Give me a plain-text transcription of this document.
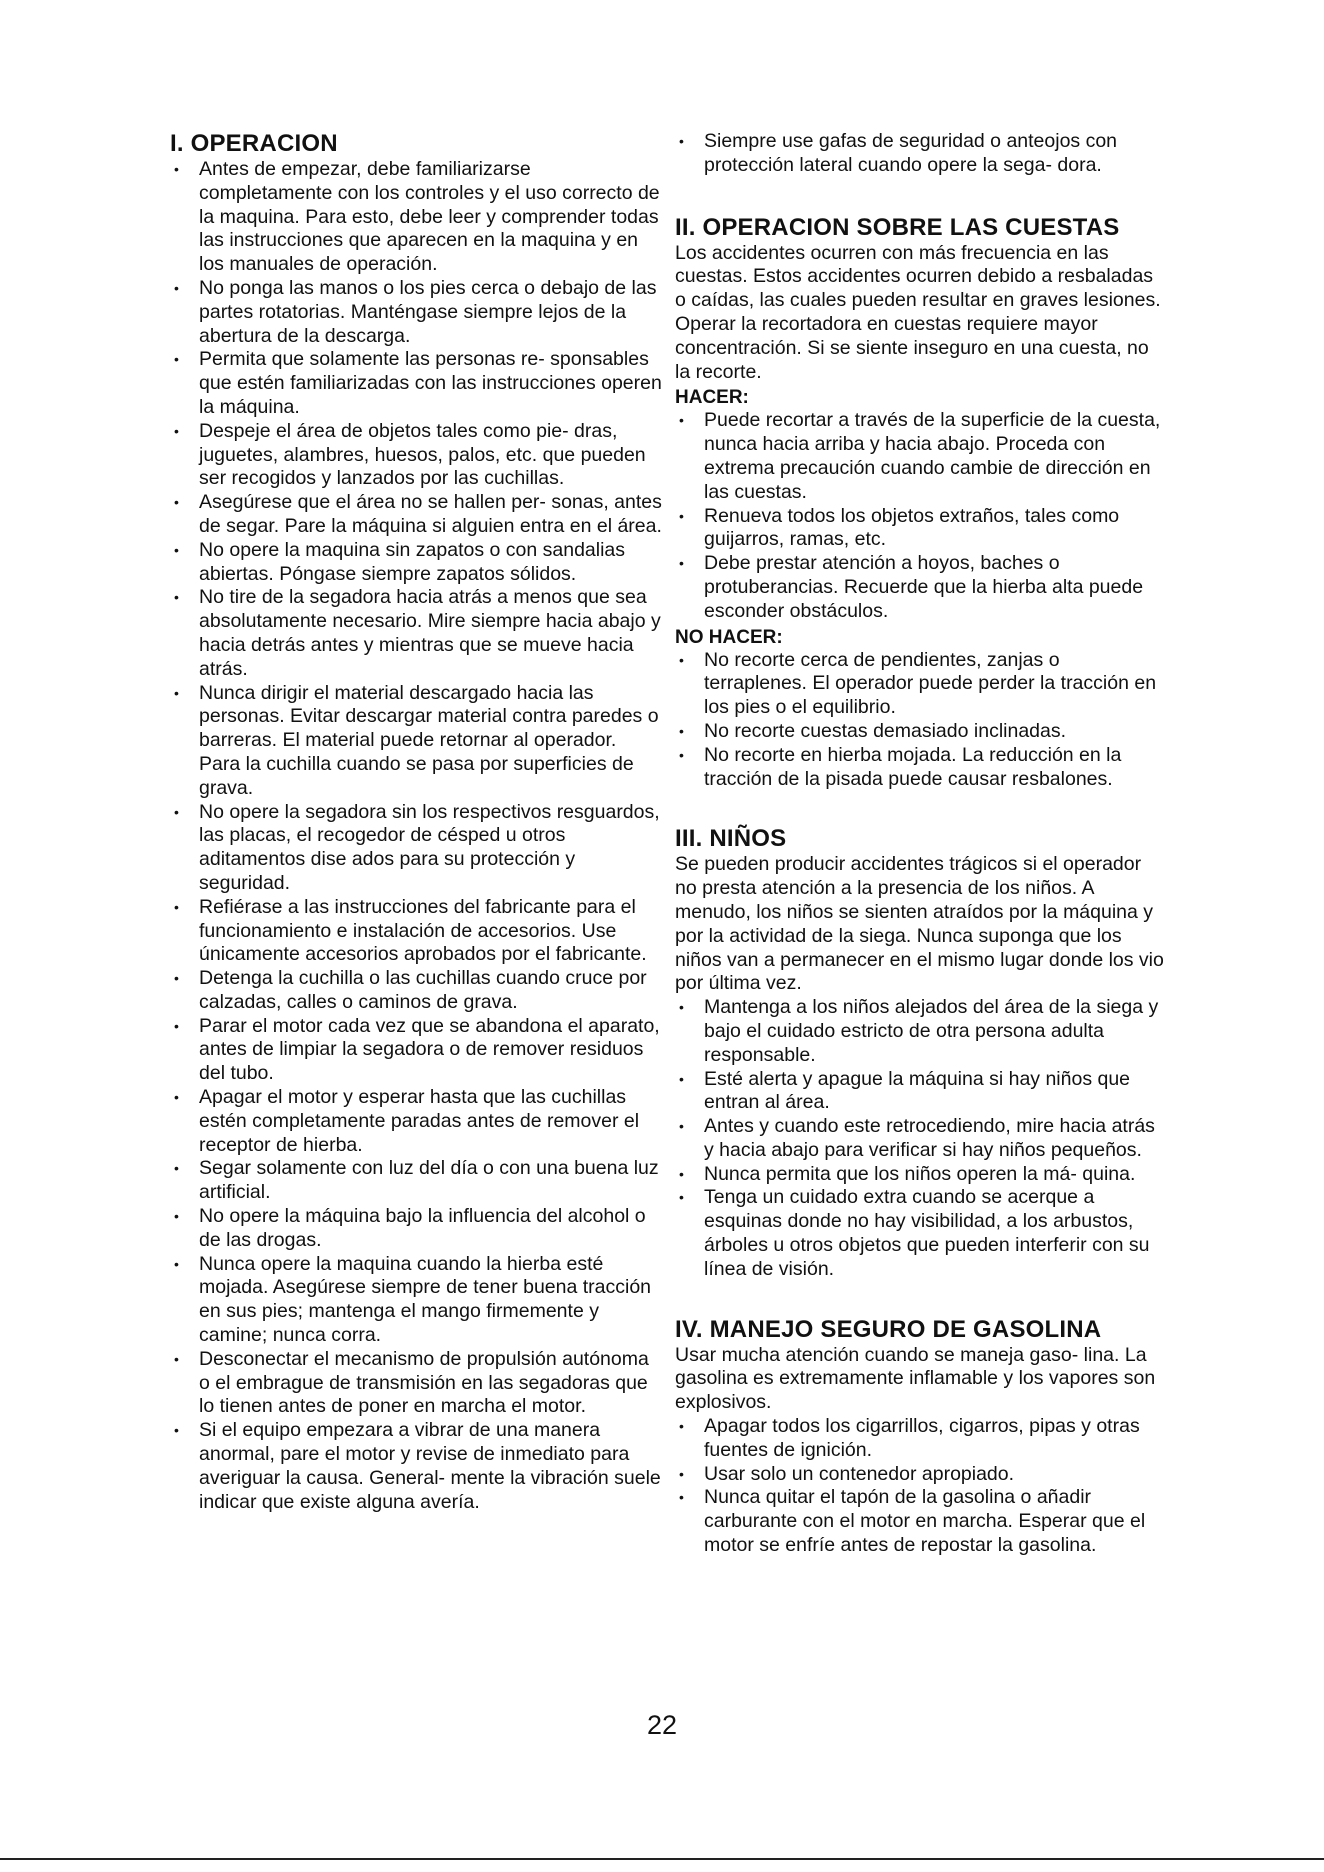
I. OPERACION
• Antes de empezar, debe familiarizarse completamente con los controles y el uso correcto de la maquina. Para esto, debe leer y comprender todas las instrucciones que aparecen en la maquina y en los manuales de operación.
• No ponga las manos o los pies cerca o debajo de las partes rotatorias. Manténgase siempre lejos de la abertura de la descarga.
• Permita que solamente las personas re- sponsables que estén familiarizadas con las instrucciones operen la máquina.
• Despeje el área de objetos tales como pie- dras, juguetes, alambres, huesos, palos, etc. que pueden ser recogidos y lanzados por las cuchillas.
• Asegúrese que el área no se hallen per- sonas, antes de segar. Pare la máquina si alguien entra en el área.
• No opere la maquina sin zapatos o con sandalias abiertas. Póngase siempre zapatos sólidos.
• No tire de la segadora hacia atrás a menos que sea absolutamente necesario. Mire siempre hacia abajo y hacia detrás antes y mientras que se mueve hacia atrás.
• Nunca dirigir el material descargado hacia las personas. Evitar descargar material contra paredes o barreras. El material puede retornar al operador. Para la cuchilla cuando se pasa por superficies de grava.
• No opere la segadora sin los respectivos resguardos, las placas, el recogedor de césped u otros aditamentos dise ados para su protección y seguridad.
• Refiérase a las instrucciones del fabricante para el funcionamiento e instalación de accesorios. Use únicamente accesorios aprobados por el fabricante.
• Detenga la cuchilla o las cuchillas cuando cruce por calzadas, calles o caminos de grava.
• Parar el motor cada vez que se abandona el aparato, antes de limpiar la segadora o de remover residuos del tubo.
• Apagar el motor y esperar hasta que las cuchillas estén completamente paradas antes de remover el receptor de hierba.
• Segar solamente con luz del día o con una buena luz artificial.
• No opere la máquina bajo la influencia del alcohol o de las drogas.
• Nunca opere la maquina cuando la hierba esté mojada. Asegúrese siempre de tener buena tracción en sus pies; mantenga el mango firmemente y camine; nunca corra.
• Desconectar el mecanismo de propulsión autónoma o el embrague de transmisión en las segadoras que lo tienen antes de poner en marcha el motor.
• Si el equipo empezara a vibrar de una manera anormal, pare el motor y revise de inmediato para averiguar la causa. General- mente la vibración suele indicar que existe alguna avería.
• Siempre use gafas de seguridad o anteojos con protección lateral cuando opere la sega- dora.
II. OPERACION SOBRE LAS CUESTAS

Los accidentes ocurren con más frecuencia en las cuestas. Estos accidentes ocurren debido a resbaladas o caídas, las cuales pueden resultar en graves lesiones. Operar la recortadora en cuestas requiere mayor concentración. Si se siente inseguro en una cuesta, no la recorte.

HACER:
• Puede recortar a través de la superficie de la cuesta, nunca hacia arriba y hacia abajo. Proceda con extrema precaución cuando cambie de dirección en las cuestas.
• Renueva todos los objetos extraños, tales como guijarros, ramas, etc.
• Debe prestar atención a hoyos, baches o protuberancias. Recuerde que la hierba alta puede esconder obstáculos.
NO HACER:
• No recorte cerca de pendientes, zanjas o terraplenes. El operador puede perder la tracción en los pies o el equilibrio.
• No recorte cuestas demasiado inclinadas.
• No recorte en hierba mojada. La reducción en la tracción de la pisada puede causar resbalones.
III. NIÑOS

Se pueden producir accidentes trágicos si el operador no presta atención a la presencia de los niños. A menudo, los niños se sienten atraídos por la máquina y por la actividad de la siega. Nunca suponga que los niños van a permanecer en el mismo lugar donde los vio por última vez.

• Mantenga a los niños alejados del área de la siega y bajo el cuidado estricto de otra persona adulta responsable.
• Esté alerta y apague la máquina si hay niños que entran al área.
• Antes y cuando este retrocediendo, mire hacia atrás y hacia abajo para verificar si hay niños pequeños.
• Nunca permita que los niños operen la má- quina.
• Tenga un cuidado extra cuando se acerque a esquinas donde no hay visibilidad, a los arbustos, árboles u otros objetos que pueden interferir con su línea de visión.
IV. MANEJO SEGURO DE GASOLINA

Usar mucha atención cuando se maneja gaso- lina. La gasolina es extremamente inflamable y los vapores son explosivos.

• Apagar todos los cigarrillos, cigarros, pipas y otras fuentes de ignición.
• Usar solo un contenedor apropiado.
• Nunca quitar el tapón de la gasolina o añadir carburante con el motor en marcha. Esperar que el motor se enfríe antes de repostar la gasolina.
22
